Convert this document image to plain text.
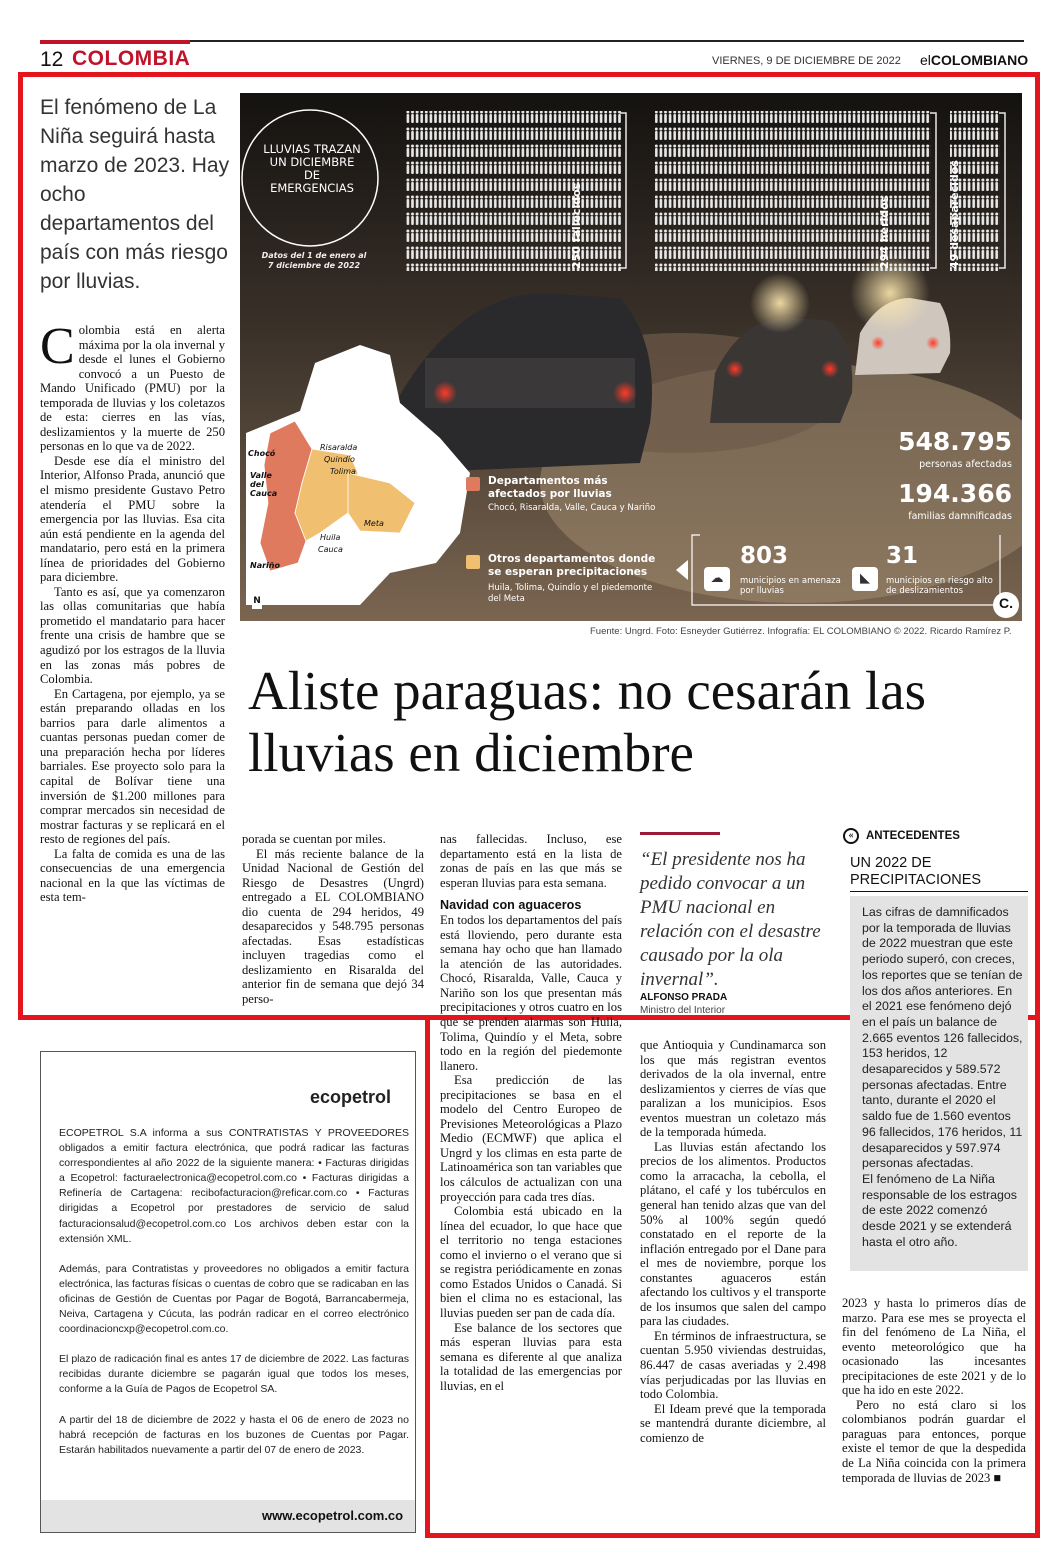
12 COLOMBIA	VIERNES, 9 DE DICIEMBRE DE 2022 elCOLOMBIANO
El fenómeno de La Niña seguirá hasta marzo de 2023. Hay ocho departamentos del país con más riesgo por lluvias.

Colombia está en alerta máxima por la ola invernal y desde el lunes el Gobierno convocó a un Puesto de Mando Unificado (PMU) por la temporada de lluvias y los coletazos de esta: cierres en las vías, deslizamientos y la muerte de 250 personas en lo que va de 2022.

Desde ese día el ministro del Interior, Alfonso Prada, anunció que el mismo presidente Gustavo Petro atendería el PMU sobre la emergencia por las lluvias. Esa cita aún está pendiente en la agenda del mandatario, pero está en la primera línea de prioridades del Gobierno para diciembre.

Tanto es así, que ya comenzaron las ollas comunitarias que había prometido el mandatario para hacer frente una crisis de hambre que se agudizó por los estragos de la lluvia en las zonas más pobres de Colombia.

En Cartagena, por ejemplo, ya se están preparando olladas en los barrios para darle alimentos a cuantas personas puedan comer de una preparación hecha por líderes barriales. Ese proyecto solo para la capital de Bolívar tiene una inversión de $1.200 millones para comprar mercados sin necesidad de mostrar facturas y se replicará en el resto de regiones del país.

La falta de comida es una de las consecuencias de una emergencia nacional en la que las víctimas de esta tem-

LLUVIAS TRAZAN UN DICIEMBRE DE EMERGENCIAS
Datos del 1 de enero al 7 diciembre de 2022	250 fallecidos	294 heridos	49 desaparecidos
548.795
personas afectadas
194.366
familias damnificadas
803
municipios en amenaza por lluvias
31
municipios en riesgo alto de deslizamientos
☁	◣
C.
Departamentos más afectados por lluvias
Chocó, Risaralda, Valle, Cauca y Nariño
Otros departamentos donde se esperan precipitaciones
Huila, Tolima, Quindío y el piedemonte del Meta
Chocó
Risaralda
Quindío
Tolima
Valle del Cauca
Huila
Cauca
Meta
Nariño
N
Fuente: Ungrd. Foto: Esneyder Gutiérrez. Infografía: EL COLOMBIANO © 2022. Ricardo Ramírez P.
Aliste paraguas: no cesarán las lluvias en diciembre

porada se cuentan por miles.

El más reciente balance de la Unidad Nacional de Gestión del Riesgo de Desastres (Ungrd) entregado a EL COLOMBIANO dio cuenta de 294 heridos, 49 desaparecidos y 548.795 personas afectadas. Esas estadísticas incluyen tragedias como el deslizamiento en Risaralda del anterior fin de semana que dejó 34 perso-

nas fallecidas. Incluso, ese departamento está en la lista de zonas de país en las que más se esperan lluvias para esta semana.

Navidad con aguaceros

En todos los departamentos del país está lloviendo, pero durante esta semana hay ocho que han llamado la atención de las autoridades. Chocó, Risaralda, Valle, Cauca y Nariño son los que presentan más precipitaciones y otros cuatro en los que se prenden alarmas son Huila, Tolima, Quindío y el Meta, sobre todo en la región del piedemonte llanero.

Esa predicción de las precipitaciones se basa en el modelo del Centro Europeo de Previsiones Meteorológicas a Plazo Medio (ECMWF) que aplica el Ungrd y los climas en esta parte de Latinoamérica son tan variables que los cálculos de actualizan con una proyección para cada tres días.

Colombia está ubicado en la línea del ecuador, lo que hace que el territorio no tenga estaciones como el invierno o el verano que si se registra periódicamente en zonas como Estados Unidos o Canadá. Si bien el clima no es estacional, las lluvias pueden ser pan de cada día.

Ese balance de los sectores que más esperan lluvias para esta semana es diferente al que analiza la totalidad de las emergencias por lluvias, en el

“El presidente nos ha pedido convocar a un PMU nacional en relación con el desastre causado por la ola invernal”.
ALFONSO PRADA
Ministro del Interior

que Antioquia y Cundinamarca son los que más registran eventos derivados de la ola invernal, entre deslizamientos y cierres de vías que paralizan a los municipios. Esos eventos muestran un coletazo más de la temporada húmeda.

Las lluvias están afectando los precios de los alimentos. Productos como la arracacha, la cebolla, el plátano, el café y los tubérculos en general han tenido alzas que van del 50% al 100% según quedó constatado en el reporte de la inflación entregado por el Dane para el mes de noviembre, porque los constantes aguaceros están afectando los cultivos y el transporte de los insumos que salen del campo para las ciudades.

En términos de infraestructura, se cuentan 5.950 viviendas destruidas, 86.447 de casas averiadas y 2.498 vías perjudicadas por las lluvias en todo Colombia.

El Ideam prevé que la temporada se mantendrá durante diciembre, al comienzo de

«	ANTECEDENTES
UN 2022 DE PRECIPITACIONES

Las cifras de damnificados por la temporada de lluvias de 2022 muestran que este periodo superó, con creces, los reportes que se tenían de los dos años anteriores. En el 2021 ese fenómeno dejó en el país un balance de 2.665 eventos 126 fallecidos, 153 heridos, 12 desaparecidos y 589.572 personas afectadas. Entre tanto, durante el 2020 el saldo fue de 1.560 eventos 96 fallecidos, 176 heridos, 11 desaparecidos y 597.974 personas afectadas.

El fenómeno de La Niña responsable de los estragos de este 2022 comenzó desde 2021 y se extenderá hasta el otro año.

2023 y hasta lo primeros días de marzo. Para ese mes se proyecta el fin del fenómeno de La Niña, el evento meteorológico que ha ocasionado las incesantes precipitaciones de este 2021 y de lo que ha ido en este 2022.

Pero no está claro si los colombianos podrán guardar el paraguas para entonces, porque existe el temor de que la despedida de La Niña coincida con la primera temporada de lluvias de 2023 ■

ecopetrol

ECOPETROL S.A informa a sus CONTRATISTAS Y PROVEEDORES obligados a emitir factura electrónica, que podrá radicar las facturas correspondientes al año 2022 de la siguiente manera: • Facturas dirigidas a Ecopetrol: facturaelectronica@ecopetrol.com.co • Facturas dirigidas a Refinería de Cartagena: recibofacturacion@reficar.com.co • Facturas dirigidas a Ecopetrol por prestadores de servicio de salud facturacionsalud@ecopetrol.com.co Los archivos deben estar con la extensión XML.

Además, para Contratistas y proveedores no obligados a emitir factura electrónica, las facturas físicas o cuentas de cobro que se radicaban en las oficinas de Gestión de Cuentas por Pagar de Bogotá, Barrancabermeja, Neiva, Cartagena y Cúcuta, las podrán radicar en el correo electrónico coordinacioncxp@ecopetrol.com.co.

El plazo de radicación final es antes 17 de diciembre de 2022. Las facturas recibidas durante diciembre se pagarán igual que todos los meses, conforme a la Guía de Pagos de Ecopetrol SA.

A partir del 18 de diciembre de 2022 y hasta el 06 de enero de 2023 no habrá recepción de facturas en los buzones de Cuentas por Pagar. Estarán habilitados nuevamente a partir del 07 de enero de 2023.

www.ecopetrol.com.co
